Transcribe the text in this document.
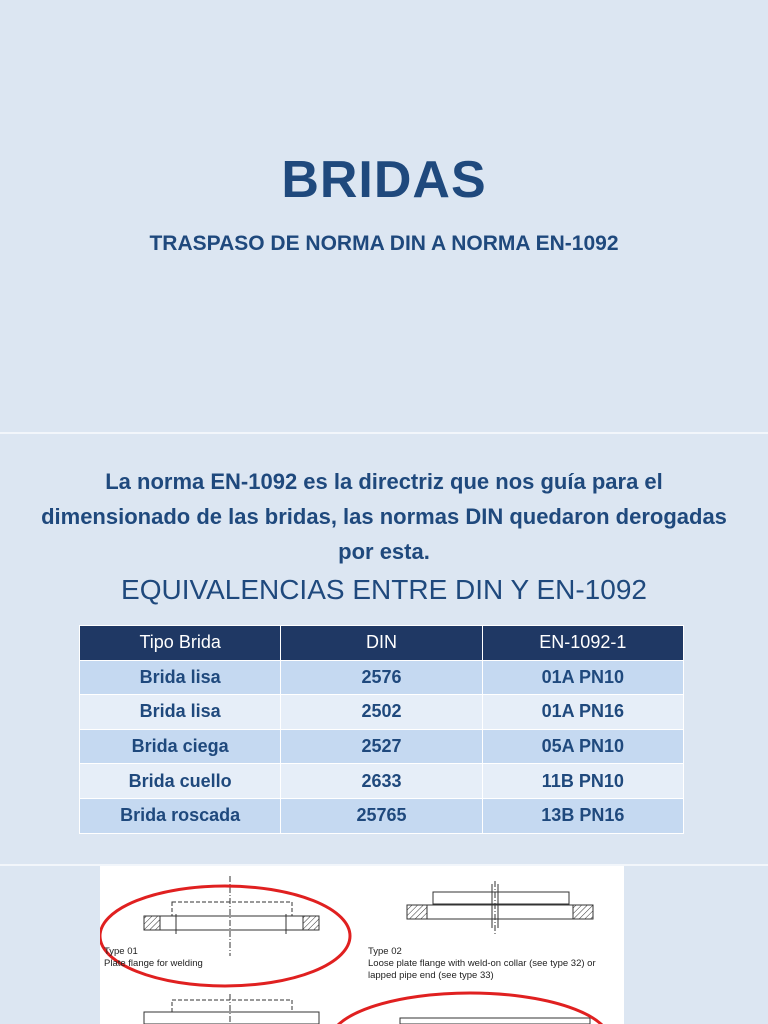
BRIDAS
TRASPASO DE NORMA DIN A NORMA EN-1092
La norma EN-1092 es la directriz que nos guía para el dimensionado de las bridas, las normas DIN quedaron derogadas por esta.
EQUIVALENCIAS ENTRE DIN Y EN-1092
Tipo Brida	DIN	EN-1092-1
Brida lisa	2576	01A PN10
Brida lisa	2502	01A PN16
Brida ciega	2527	05A PN10
Brida cuello	2633	11B PN10
Brida roscada	25765	13B PN16
Type 01
Plate flange for welding
Type 02
Loose plate flange with weld-on collar (see type 32) or
lapped pipe end (see type 33)
